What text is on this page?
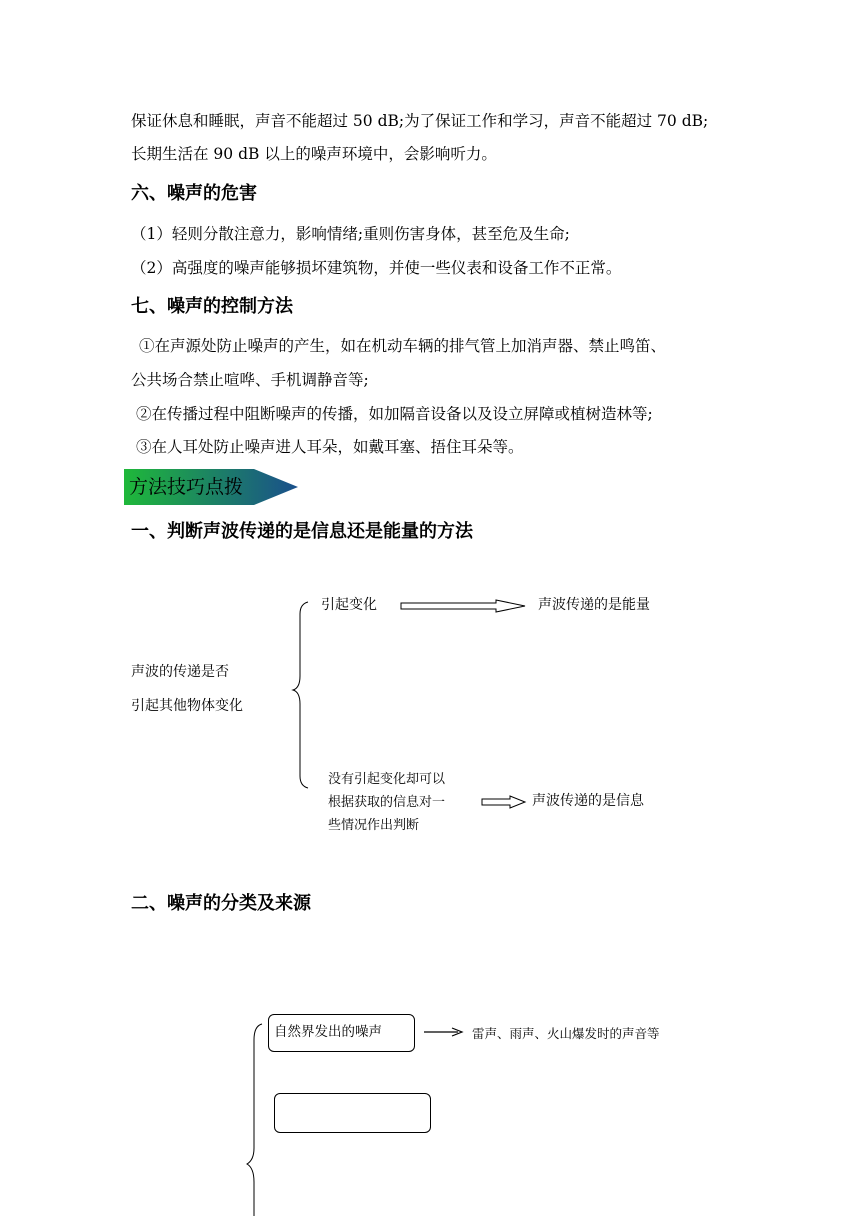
保证休息和睡眠，声音不能超过 50 dB;为了保证工作和学习，声音不能超过 70 dB;
长期生活在 90 dB 以上的噪声环境中，会影响听力。
六、噪声的危害
（1）轻则分散注意力，影响情绪;重则伤害身体，甚至危及生命;
（2）高强度的噪声能够损坏建筑物，并使一些仪表和设备工作不正常。
七、噪声的控制方法
①在声源处防止噪声的产生，如在机动车辆的排气管上加消声器、禁止鸣笛、
公共场合禁止喧哗、手机调静音等;
②在传播过程中阻断噪声的传播，如加隔音设备以及设立屏障或植树造林等;
③在人耳处防止噪声进人耳朵，如戴耳塞、捂住耳朵等。
方法技巧点拨
一、判断声波传递的是信息还是能量的方法
声波的传递是否
引起其他物体变化
引起变化	声波传递的是能量
没有引起变化却可以
根据获取的信息对一
些情况作出判断
声波传递的是信息
二、噪声的分类及来源
自然界发出的噪声	雷声、雨声、火山爆发时的声音等
